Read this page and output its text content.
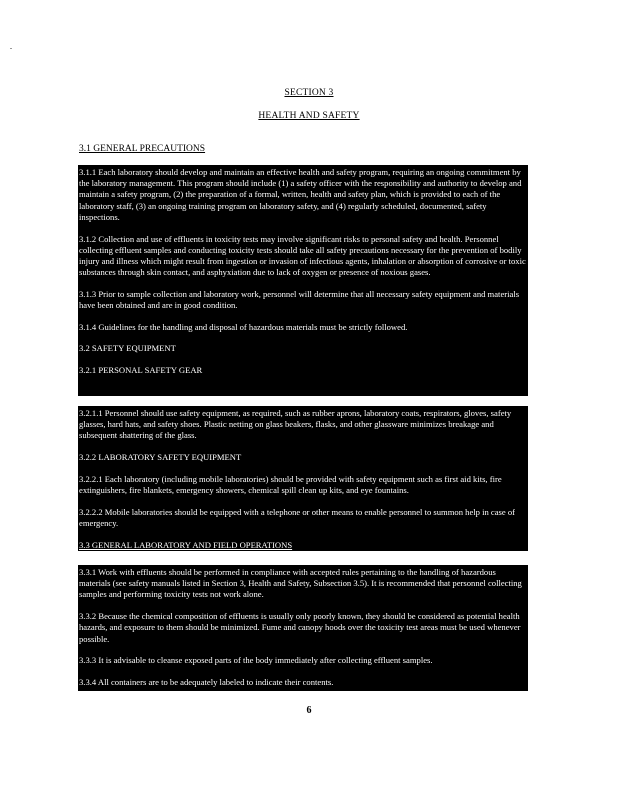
SECTION 3
HEALTH AND SAFETY
3.1 GENERAL PRECAUTIONS

3.1.1 Each laboratory should develop and maintain an effective health and safety program, requiring an ongoing commitment by the laboratory management. This program should include (1) a safety officer with the responsibility and authority to develop and maintain a safety program, (2) the preparation of a formal, written, health and safety plan, which is provided to each of the laboratory staff, (3) an ongoing training program on laboratory safety, and (4) regularly scheduled, documented, safety inspections.

3.1.2 Collection and use of effluents in toxicity tests may involve significant risks to personal safety and health. Personnel collecting effluent samples and conducting toxicity tests should take all safety precautions necessary for the prevention of bodily injury and illness which might result from ingestion or invasion of infectious agents, inhalation or absorption of corrosive or toxic substances through skin contact, and asphyxiation due to lack of oxygen or presence of noxious gases.

3.1.3 Prior to sample collection and laboratory work, personnel will determine that all necessary safety equipment and materials have been obtained and are in good condition.

3.1.4 Guidelines for the handling and disposal of hazardous materials must be strictly followed.

3.2 SAFETY EQUIPMENT

3.2.1 PERSONAL SAFETY GEAR

3.2.1.1 Personnel should use safety equipment, as required, such as rubber aprons, laboratory coats, respirators, gloves, safety glasses, hard hats, and safety shoes. Plastic netting on glass beakers, flasks, and other glassware minimizes breakage and subsequent shattering of the glass.

3.2.2 LABORATORY SAFETY EQUIPMENT

3.2.2.1 Each laboratory (including mobile laboratories) should be provided with safety equipment such as first aid kits, fire extinguishers, fire blankets, emergency showers, chemical spill clean up kits, and eye fountains.

3.2.2.2 Mobile laboratories should be equipped with a telephone or other means to enable personnel to summon help in case of emergency.

3.3 GENERAL LABORATORY AND FIELD OPERATIONS

3.3.1 Work with effluents should be performed in compliance with accepted rules pertaining to the handling of hazardous materials (see safety manuals listed in Section 3, Health and Safety, Subsection 3.5). It is recommended that personnel collecting samples and performing toxicity tests not work alone.

3.3.2 Because the chemical composition of effluents is usually only poorly known, they should be considered as potential health hazards, and exposure to them should be minimized. Fume and canopy hoods over the toxicity test areas must be used whenever possible.

3.3.3 It is advisable to cleanse exposed parts of the body immediately after collecting effluent samples.

3.3.4 All containers are to be adequately labeled to indicate their contents.

6
